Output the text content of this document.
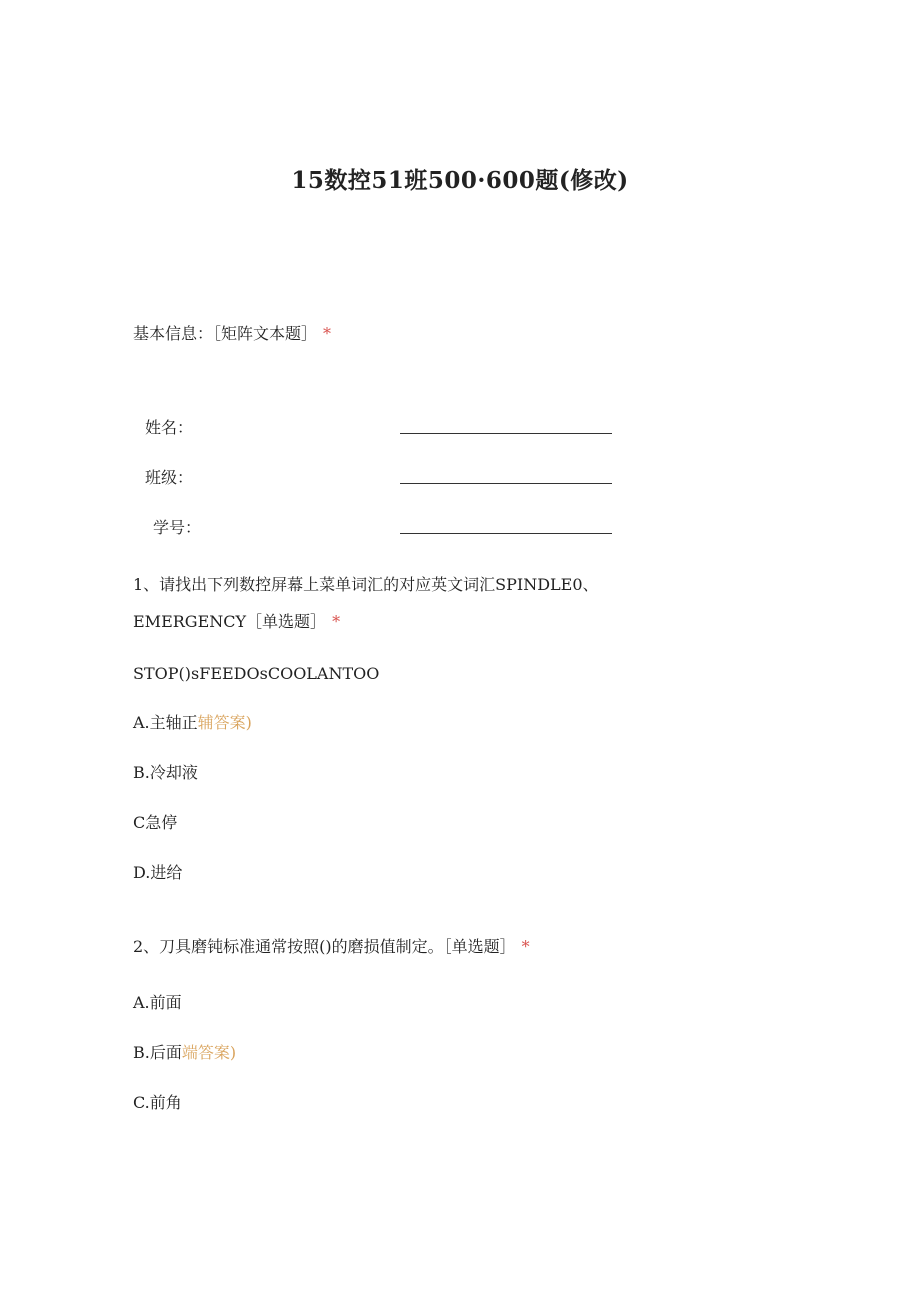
15数控51班500·600题(修改)
基本信息：［矩阵文本题］ *
姓名：
班级：
学号：
1、请找出下列数控屏幕上菜单词汇的对应英文词汇SPINDLE0、
EMERGENCY［单选题］ *
STOP()sFEEDOsCOOLANTOO
A.主轴正辅答案)
B.冷却液
C急停
D.进给
2、刀具磨钝标准通常按照()的磨损值制定。［单选题］ *
A.前面
B.后面端答案)
C.前角
